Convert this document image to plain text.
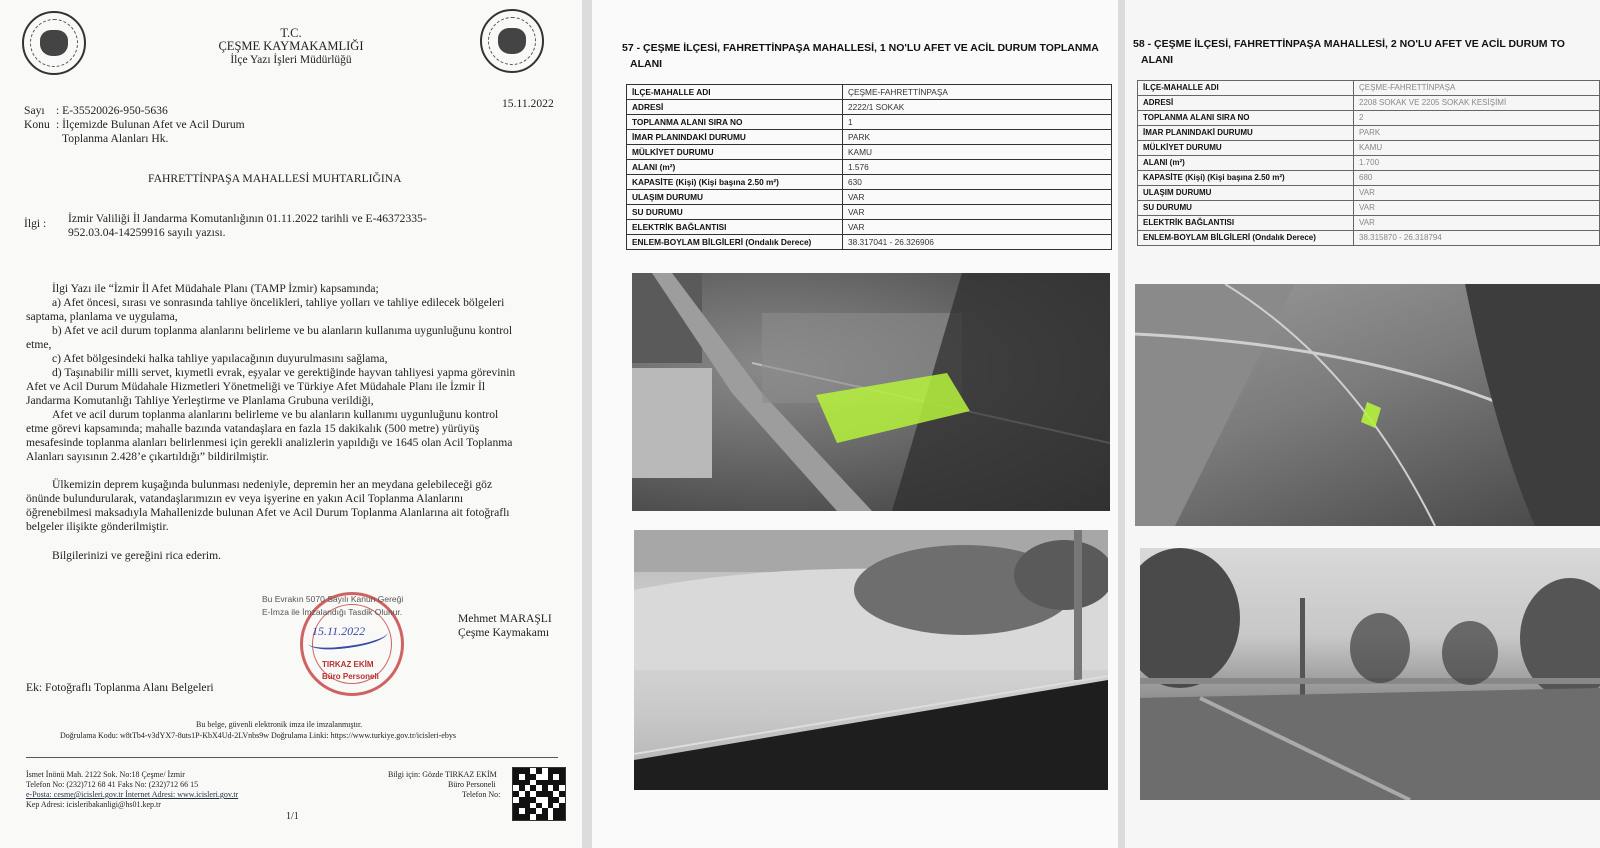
T.C.
ÇEŞME KAYMAKAMLIĞI
İlçe Yazı İşleri Müdürlüğü
Sayı : E-35520026-950-5636
15.11.2022
Konu : İlçemizde Bulunan Afet ve Acil Durum
Toplanma Alanları Hk.
FAHRETTİNPAŞA MAHALLESİ MUHTARLIĞINA
İlgi : İzmir Valiliği İl Jandarma Komutanlığının 01.11.2022 tarihli ve E-46372335-
952.03.04-14259916 sayılı yazısı.
İlgi Yazı ile “İzmir İl Afet Müdahale Planı (TAMP İzmir) kapsamında;
a) Afet öncesi, sırası ve sonrasında tahliye öncelikleri, tahliye yolları ve tahliye edilecek bölgeleri
saptama, planlama ve uygulama,
b) Afet ve acil durum toplanma alanlarını belirleme ve bu alanların kullanıma uygunluğunu kontrol
etme,
c) Afet bölgesindeki halka tahliye yapılacağının duyurulmasını sağlama,
d) Taşınabilir milli servet, kıymetli evrak, eşyalar ve gerektiğinde hayvan tahliyesi yapma görevinin
Afet ve Acil Durum Müdahale Hizmetleri Yönetmeliği ve Türkiye Afet Müdahale Planı ile İzmir İl
Jandarma Komutanlığı Tahliye Yerleştirme ve Planlama Grubuna verildiği,
Afet ve acil durum toplanma alanlarını belirleme ve bu alanların kullanımı uygunluğunu kontrol
etme görevi kapsamında; mahalle bazında vatandaşlara en fazla 15 dakikalık (500 metre) yürüyüş
mesafesinde toplanma alanları belirlenmesi için gerekli analizlerin yapıldığı ve 1645 olan Acil Toplanma
Alanları sayısının 2.428’e çıkartıldığı” bildirilmiştir.
Ülkemizin deprem kuşağında bulunması nedeniyle, depremin her an meydana gelebileceği göz
önünde bulundurularak, vatandaşlarımızın ev veya işyerine en yakın Acil Toplanma Alanlarını
öğrenebilmesi maksadıyla Mahallenizde bulunan Afet ve Acil Durum Toplanma Alanlarına ait fotoğraflı
belgeler ilişikte gönderilmiştir.
Bilgilerinizi ve gereğini rica ederim.
TIRKAZ EKİM
Büro Personeli
15.11.2022
Bu Evrakın 5070 Sayılı Kanun Gereği
E-İmza ile İmzalandığı Tasdik Olunur.	Mehmet MARAŞLI
Çeşme Kaymakamı
Ek: Fotoğraflı Toplanma Alanı Belgeleri
Bu belge, güvenli elektronik imza ile imzalanmıştır.
Doğrulama Kodu: w8tTb4-v3dYX7-8uts1P-KbX4Ud-2LVnbs9w Doğrulama Linki: https://www.turkiye.gov.tr/icisleri-ebys
İsmet İnönü Mah. 2122 Sok. No:18 Çeşme/ İzmir
Telefon No: (232)712 68 41 Faks No: (232)712 66 15
e-Posta: cesme@icisleri.gov.tr İnternet Adresi: www.icisleri.gov.tr
Kep Adresi: icisleribakanligi@hs01.kep.tr
Bilgi için: Gözde TIRKAZ EKİM
Büro Personeli
Telefon No:
1/1
57 - ÇEŞME İLÇESİ, FAHRETTİNPAŞA MAHALLESİ, 1 NO'LU AFET VE ACİL DURUM TOPLANMA
ALANI
İLÇE-MAHALLE ADI	ÇEŞME-FAHRETTİNPAŞA
ADRESİ	2222/1 SOKAK
TOPLANMA ALANI SIRA NO	1
İMAR PLANINDAKİ DURUMU	PARK
MÜLKİYET DURUMU	KAMU
ALANI (m²)	1.576
KAPASİTE (Kişi) (Kişi başına 2.50 m²)	630
ULAŞIM DURUMU	VAR
SU DURUMU	VAR
ELEKTRİK BAĞLANTISI	VAR
ENLEM-BOYLAM BİLGİLERİ (Ondalık Derece)	38.317041 - 26.326906
58 - ÇEŞME İLÇESİ, FAHRETTİNPAŞA MAHALLESİ, 2 NO'LU AFET VE ACİL DURUM TO
ALANI
İLÇE-MAHALLE ADI	ÇEŞME-FAHRETTİNPAŞA
ADRESİ	2208 SOKAK VE 2205 SOKAK KESİŞİMİ
TOPLANMA ALANI SIRA NO	2
İMAR PLANINDAKİ DURUMU	PARK
MÜLKİYET DURUMU	KAMU
ALANI (m²)	1.700
KAPASİTE (Kişi) (Kişi başına 2.50 m²)	680
ULAŞIM DURUMU	VAR
SU DURUMU	VAR
ELEKTRİK BAĞLANTISI	VAR
ENLEM-BOYLAM BİLGİLERİ (Ondalık Derece)	38.315870 - 26.318794
